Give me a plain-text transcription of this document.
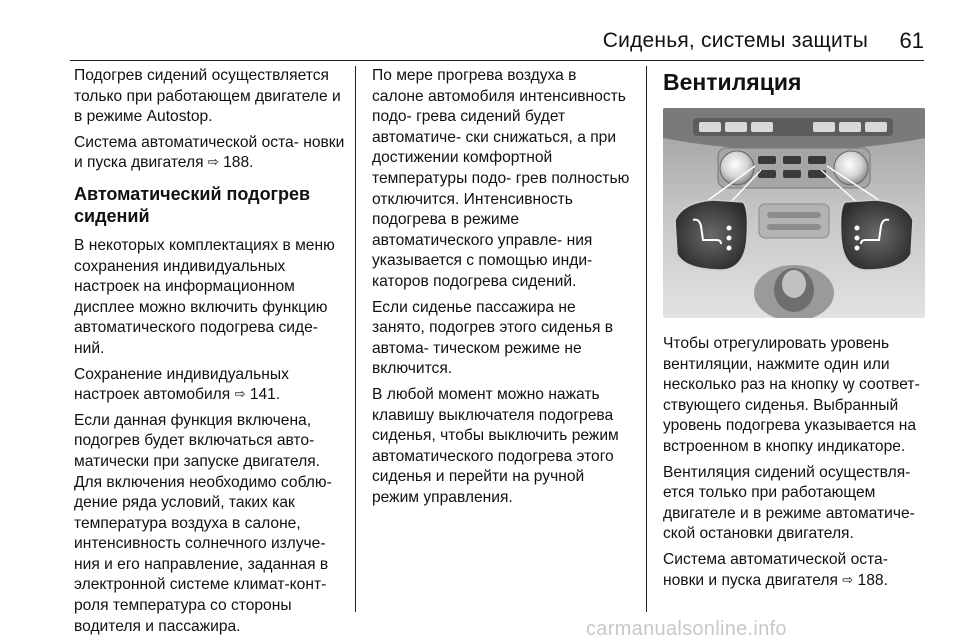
Сиденья, системы защиты 61

Подогрев сидений осуществляется только при работающем двигателе и в режиме Autostop.

Система автоматической оста‐ новки и пуска двигателя ⇨ 188.

Автоматический подогрев сидений

В некоторых комплектациях в меню сохранения индивидуальных настроек на информационном дисплее можно включить функцию автоматического подогрева сиде‐ ний.

Сохранение индивидуальных настроек автомобиля ⇨ 141.

Если данная функция включена, подогрев будет включаться авто‐ матически при запуске двигателя. Для включения необходимо соблю‐ дение ряда условий, таких как температура воздуха в салоне, интенсивность солнечного излуче‐ ния и его направление, заданная в электронной системе климат-конт‐ роля температура со стороны водителя и пассажира.

По мере прогрева воздуха в салоне автомобиля интенсивность подо‐ грева сидений будет автоматиче‐ ски снижаться, а при достижении комфортной температуры подо‐ грев полностью отключится. Интенсивность подогрева в режиме автоматического управле‐ ния указывается с помощью инди‐ каторов подогрева сидений.

Если сиденье пассажира не занято, подогрев этого сиденья в автома‐ тическом режиме не включится.

В любой момент можно нажать клавишу выключателя подогрева сиденья, чтобы выключить режим автоматического подогрева этого сиденья и перейти на ручной режим управления.

Вентиляция

Чтобы отрегулировать уровень вентиляции, нажмите один или несколько раз на кнопку ꝡ соответ‐ ствующего сиденья. Выбранный уровень подогрева указывается на встроенном в кнопку индикаторе.

Вентиляция сидений осуществля‐ ется только при работающем двигателе и в режиме автоматиче‐ ской остановки двигателя.

Система автоматической оста‐ новки и пуска двигателя ⇨ 188.

carmanualsonline.info
